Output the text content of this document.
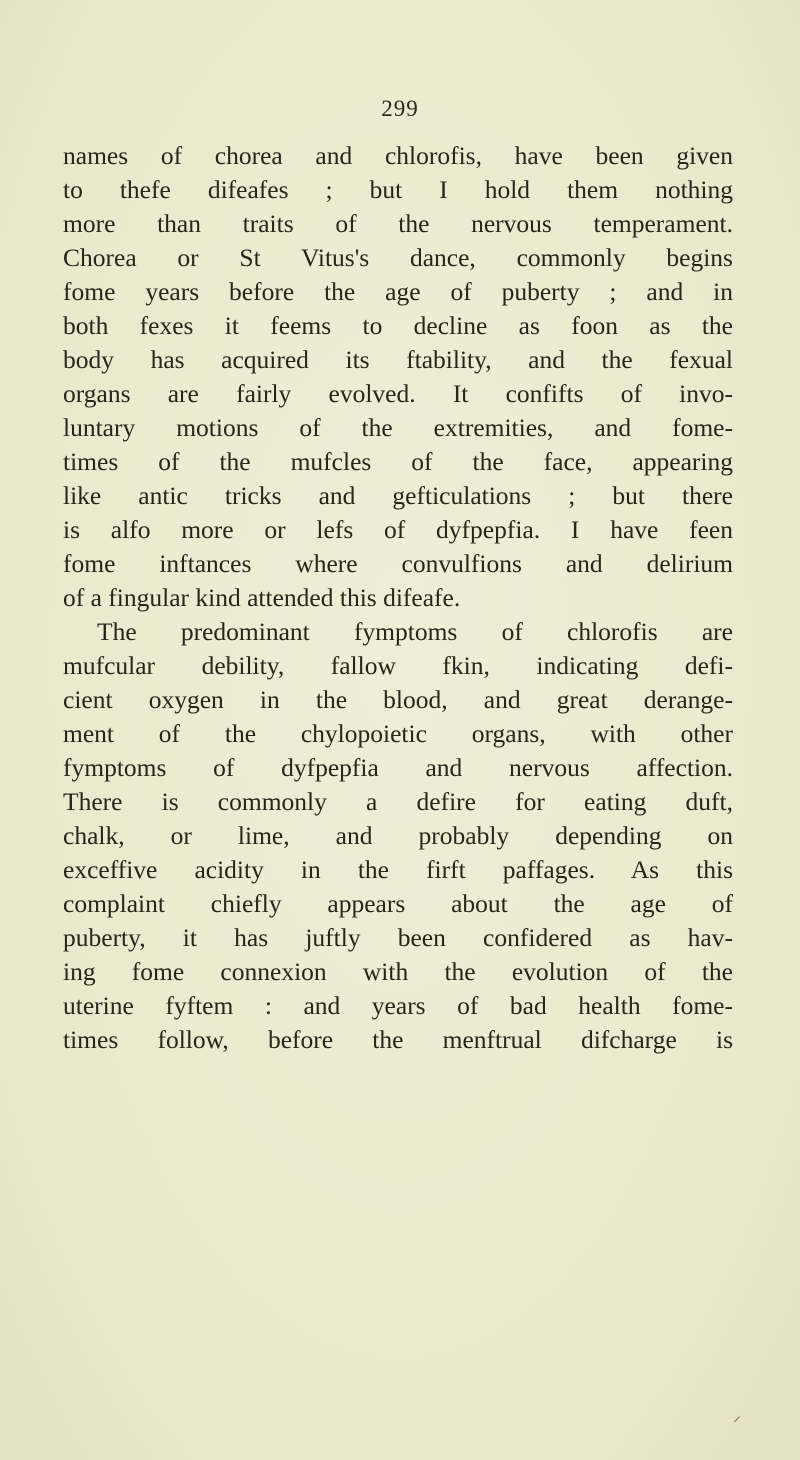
299
names of chorea and chlorofis, have been given
to thefe difeafes ; but I hold them nothing
more than traits of the nervous temperament.
Chorea or St Vitus's dance, commonly begins
fome years before the age of puberty ; and in
both fexes it feems to decline as foon as the
body has acquired its ftability, and the fexual
organs are fairly evolved. It confifts of invo-
luntary motions of the extremities, and fome-
times of the mufcles of the face, appearing
like antic tricks and gefticulations ; but there
is alfo more or lefs of dyfpepfia. I have feen
fome inftances where convulfions and delirium
of a fingular kind attended this difeafe.
The predominant fymptoms of chlorofis are
mufcular debility, fallow fkin, indicating defi-
cient oxygen in the blood, and great derange-
ment of the chylopoietic organs, with other
fymptoms of dyfpepfia and nervous affection.
There is commonly a defire for eating duft,
chalk, or lime, and probably depending on
exceffive acidity in the firft paffages. As this
complaint chiefly appears about the age of
puberty, it has juftly been confidered as hav-
ing fome connexion with the evolution of the
uterine fyftem : and years of bad health fome-
times follow, before the menftrual difcharge is
⸝
